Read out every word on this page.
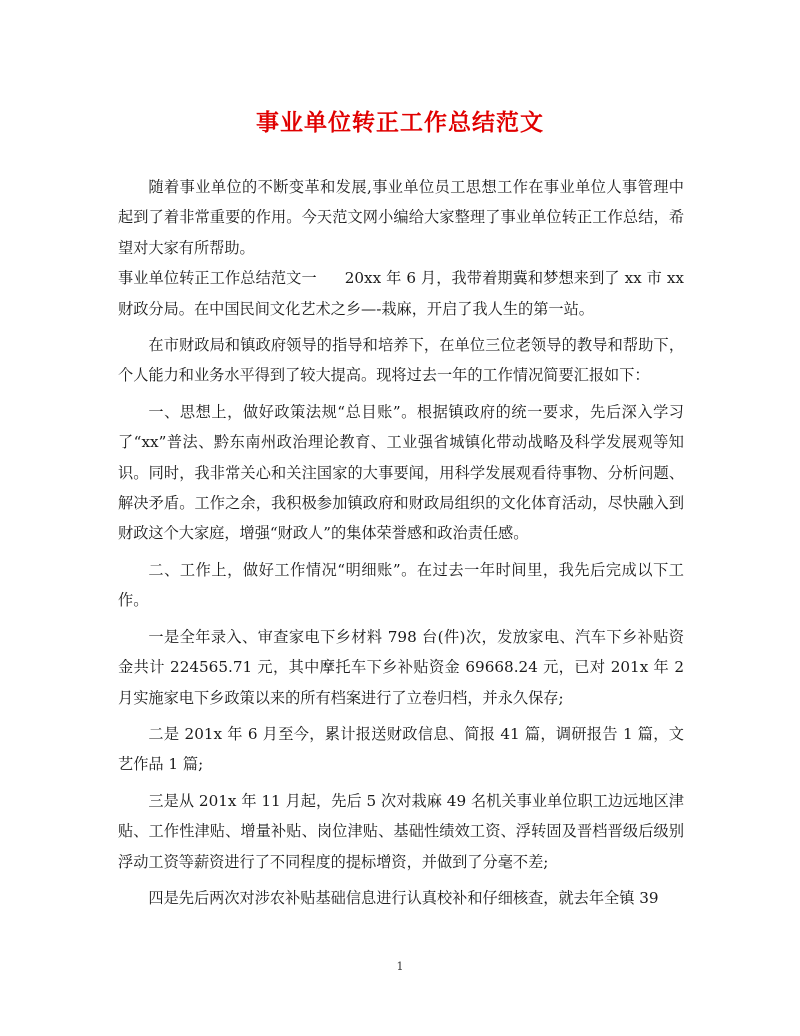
事业单位转正工作总结范文

随着事业单位的不断变革和发展,事业单位员工思想工作在事业单位人事管理中起到了着非常重要的作用。今天范文网小编给大家整理了事业单位转正工作总结，希望对大家有所帮助。

事业单位转正工作总结范文一 20xx 年 6 月，我带着期冀和梦想来到了 xx 市 xx 财政分局。在中国民间文化艺术之乡—-栽麻，开启了我人生的第一站。

在市财政局和镇政府领导的指导和培养下，在单位三位老领导的教导和帮助下，个人能力和业务水平得到了较大提高。现将过去一年的工作情况简要汇报如下：

一、思想上，做好政策法规“总目账”。根据镇政府的统一要求，先后深入学习了“xx”普法、黔东南州政治理论教育、工业强省城镇化带动战略及科学发展观等知识。同时，我非常关心和关注国家的大事要闻，用科学发展观看待事物、分析问题、解决矛盾。工作之余，我积极参加镇政府和财政局组织的文化体育活动，尽快融入到财政这个大家庭，增强“财政人”的集体荣誉感和政治责任感。

二、工作上，做好工作情况“明细账”。在过去一年时间里，我先后完成以下工作。

一是全年录入、审查家电下乡材料 798 台(件)次，发放家电、汽车下乡补贴资金共计 224565.71 元，其中摩托车下乡补贴资金 69668.24 元，已对 201x 年 2 月实施家电下乡政策以来的所有档案进行了立卷归档，并永久保存;

二是 201x 年 6 月至今，累计报送财政信息、简报 41 篇，调研报告 1 篇，文艺作品 1 篇;

三是从 201x 年 11 月起，先后 5 次对栽麻 49 名机关事业单位职工边远地区津贴、工作性津贴、增量补贴、岗位津贴、基础性绩效工资、浮转固及晋档晋级后级别浮动工资等薪资进行了不同程度的提标增资，并做到了分毫不差;

四是先后两次对涉农补贴基础信息进行认真校补和仔细核查，就去年全镇 39

1
